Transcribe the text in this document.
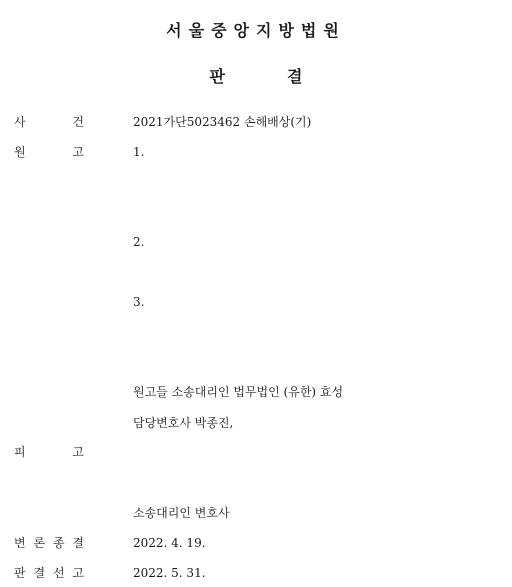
서울중앙지방법원
판	결
사	건	2021가단5023462 손해배상(기)
원	고	1.
2.
3.
원고들 소송대리인 법무법인 (유한) 효성
담당변호사 박종진,
피	고
소송대리인 변호사
변 론 종 결	2022. 4. 19.
판 결 선 고	2022. 5. 31.
